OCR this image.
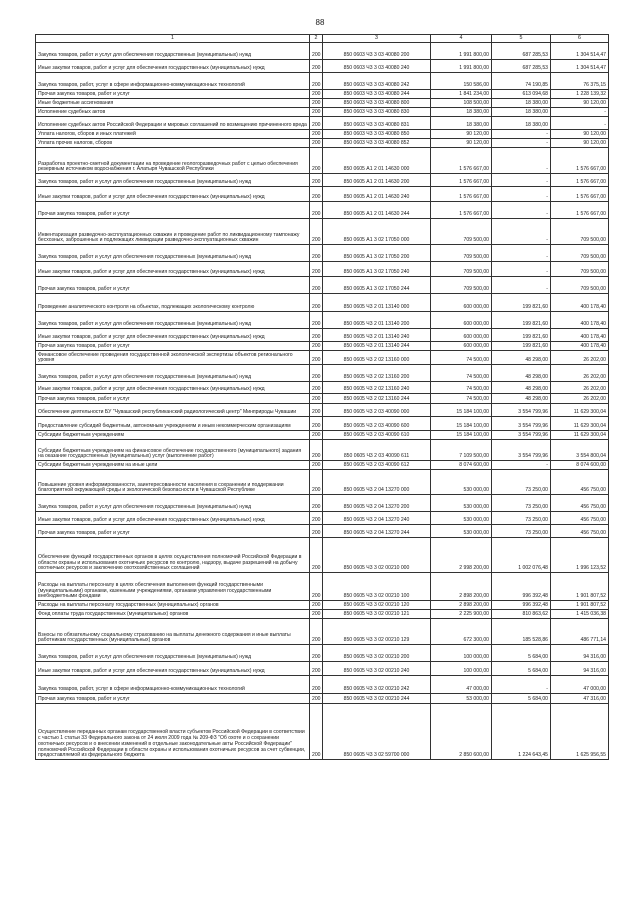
88
1	2	3	4	5	6
Закупка товаров, работ и услуг для обеспечения государственных (муниципальных) нужд	200	850 0603 Ч3 3 03 40080 200	1 991 800,00	687 285,53	1 304 514,47
Иные закупки товаров, работ и услуг для обеспечения государственных (муниципальных) нужд	200	850 0603 Ч3 3 03 40080 240	1 991 800,00	687 285,53	1 304 514,47
Закупка товаров, работ, услуг в сфере информационно-коммуникационных технологий	200	850 0603 Ч3 3 03 40080 242	150 586,00	74 190,85	76 375,15
Прочая закупка товаров, работ и услуг	200	850 0603 Ч3 3 03 40080 244	1 841 234,00	613 094,68	1 228 139,32
Иные бюджетные ассигнования	200	850 0603 Ч3 3 03 40080 800	108 500,00	18 380,00	90 120,00
Исполнение судебных актов	200	850 0603 Ч3 3 03 40080 830	18 380,00	18 380,00	-
Исполнение судебных актов Российской Федерации и мировых соглашений по возмещению причиненного вреда	200	850 0603 Ч3 3 03 40080 831	18 380,00	18 380,00	-
Уплата налогов, сборов и иных платежей	200	850 0603 Ч3 3 03 40080 850	90 120,00	-	90 120,00
Уплата прочих налогов, сборов	200	850 0603 Ч3 3 03 40080 852	90 120,00	-	90 120,00
Разработка проектно-сметной документации на проведение геологоразведочных работ с целью обеспечения резервным источником водоснабжения г. Алатыря Чувашской Республики	200	850 0605 А1 2 01 14630 000	1 576 667,00	-	1 576 667,00
Закупка товаров, работ и услуг для обеспечения государственных (муниципальных) нужд	200	850 0605 А1 2 01 14630 200	1 576 667,00	-	1 576 667,00
Иные закупки товаров, работ и услуг для обеспечения государственных (муниципальных) нужд	200	850 0605 А1 2 01 14630 240	1 576 667,00	-	1 576 667,00
Прочая закупка товаров, работ и услуг	200	850 0605 А1 2 01 14630 244	1 576 667,00	-	1 576 667,00
Инвентаризация разведочно-эксплуатационных скважин и проведение работ по ликвидационному тампонажу бесхозных, заброшенных и подлежащих ликвидации разведочно-эксплуатационных скважин	200	850 0605 А1 3 02 17050 000	709 500,00	-	709 500,00
Закупка товаров, работ и услуг для обеспечения государственных (муниципальных) нужд	200	850 0605 А1 3 02 17050 200	709 500,00	-	709 500,00
Иные закупки товаров, работ и услуг для обеспечения государственных (муниципальных) нужд	200	850 0605 А1 3 02 17050 240	709 500,00	-	709 500,00
Прочая закупка товаров, работ и услуг	200	850 0605 А1 3 02 17050 244	709 500,00	-	709 500,00
Проведение аналитического контроля на объектах, подлежащих экологическому контролю	200	850 0605 Ч3 2 01 13140 000	600 000,00	199 821,60	400 178,40
Закупка товаров, работ и услуг для обеспечения государственных (муниципальных) нужд	200	850 0605 Ч3 2 01 13140 200	600 000,00	199 821,60	400 178,40
Иные закупки товаров, работ и услуг для обеспечения государственных (муниципальных) нужд	200	850 0605 Ч3 2 01 13140 240	600 000,00	199 821,60	400 178,40
Прочая закупка товаров, работ и услуг	200	850 0605 Ч3 2 01 13140 244	600 000,00	199 821,60	400 178,40
Финансовое обеспечение проведения государственной экологической экспертизы объектов регионального уровня	200	850 0605 Ч3 2 02 13160 000	74 500,00	48 298,00	26 202,00
Закупка товаров, работ и услуг для обеспечения государственных (муниципальных) нужд	200	850 0605 Ч3 2 02 13160 200	74 500,00	48 298,00	26 202,00
Иные закупки товаров, работ и услуг для обеспечения государственных (муниципальных) нужд	200	850 0605 Ч3 2 02 13160 240	74 500,00	48 298,00	26 202,00
Прочая закупка товаров, работ и услуг	200	850 0605 Ч3 2 02 13160 244	74 500,00	48 298,00	26 202,00
Обеспечение деятельности БУ "Чувашский республиканский радиологический центр" Минприроды Чувашии	200	850 0605 Ч3 2 03 40090 000	15 184 100,00	3 554 799,96	11 629 300,04
Предоставление субсидий бюджетным, автономным учреждениям и иным некоммерческим организациям	200	850 0605 Ч3 2 03 40090 600	15 184 100,00	3 554 799,96	11 629 300,04
Субсидии бюджетным учреждениям	200	850 0605 Ч3 2 03 40090 610	15 184 100,00	3 554 799,96	11 629 300,04
Субсидии бюджетным учреждениям на финансовое обеспечение государственного (муниципального) задания на оказание государственных (муниципальных) услуг (выполнение работ)	200	850 0605 Ч3 2 03 40090 611	7 109 500,00	3 554 799,96	3 554 800,04
Субсидии бюджетным учреждениям на иные цели	200	850 0605 Ч3 2 03 40090 612	8 074 600,00	-	8 074 600,00
Повышение уровня информированности, заинтересованности населения в сохранении и поддержании благоприятной окружающей среды и экологической безопасности в Чувашской Республике	200	850 0605 Ч3 2 04 13270 000	530 000,00	73 250,00	456 750,00
Закупка товаров, работ и услуг для обеспечения государственных (муниципальных) нужд	200	850 0605 Ч3 2 04 13270 200	530 000,00	73 250,00	456 750,00
Иные закупки товаров, работ и услуг для обеспечения государственных (муниципальных) нужд	200	850 0605 Ч3 2 04 13270 240	530 000,00	73 250,00	456 750,00
Прочая закупка товаров, работ и услуг	200	850 0605 Ч3 2 04 13270 244	530 000,00	73 250,00	456 750,00
Обеспечение функций государственных органов в целях осуществления полномочий Российской Федерации в области охраны и использования охотничьих ресурсов по контролю, надзору, выдаче разрешений на добычу охотничьих ресурсов и заключению охотхозяйственных соглашений	200	850 0605 Ч3 3 02 00210 000	2 998 200,00	1 002 076,48	1 996 123,52
Расходы на выплаты персоналу в целях обеспечения выполнения функций государственными (муниципальными) органами, казенными учреждениями, органами управления государственными внебюджетными фондами	200	850 0605 Ч3 3 02 00210 100	2 898 200,00	996 392,48	1 901 807,52
Расходы на выплаты персоналу государственных (муниципальных) органов	200	850 0605 Ч3 3 02 00210 120	2 898 200,00	996 392,48	1 901 807,52
Фонд оплаты труда государственных (муниципальных) органов	200	850 0605 Ч3 3 02 00210 121	2 225 900,00	810 863,62	1 415 036,38
Взносы по обязательному социальному страхованию на выплаты денежного содержания и иные выплаты работникам государственных (муниципальных) органов	200	850 0605 Ч3 3 02 00210 129	672 300,00	185 528,86	486 771,14
Закупка товаров, работ и услуг для обеспечения государственных (муниципальных) нужд	200	850 0605 Ч3 3 02 00210 200	100 000,00	5 684,00	94 316,00
Иные закупки товаров, работ и услуг для обеспечения государственных (муниципальных) нужд	200	850 0605 Ч3 3 02 00210 240	100 000,00	5 684,00	94 316,00
Закупка товаров, работ, услуг в сфере информационно-коммуникационных технологий	200	850 0605 Ч3 3 02 00210 242	47 000,00	-	47 000,00
Прочая закупка товаров, работ и услуг	200	850 0605 Ч3 3 02 00210 244	53 000,00	5 684,00	47 316,00
Осуществление переданных органам государственной власти субъектов Российской Федерации в соответствии с частью 1 статьи 33 Федерального закона от 24 июля 2009 года № 209-ФЗ "Об охоте и о сохранении охотничьих ресурсов и о внесении изменений в отдельные законодательные акты Российской Федерации" полномочий Российской Федерации в области охраны и использования охотничьих ресурсов за счет субвенции, предоставляемой из федерального бюджета	200	850 0605 Ч3 3 02 59700 000	2 850 600,00	1 224 643,45	1 625 956,55
